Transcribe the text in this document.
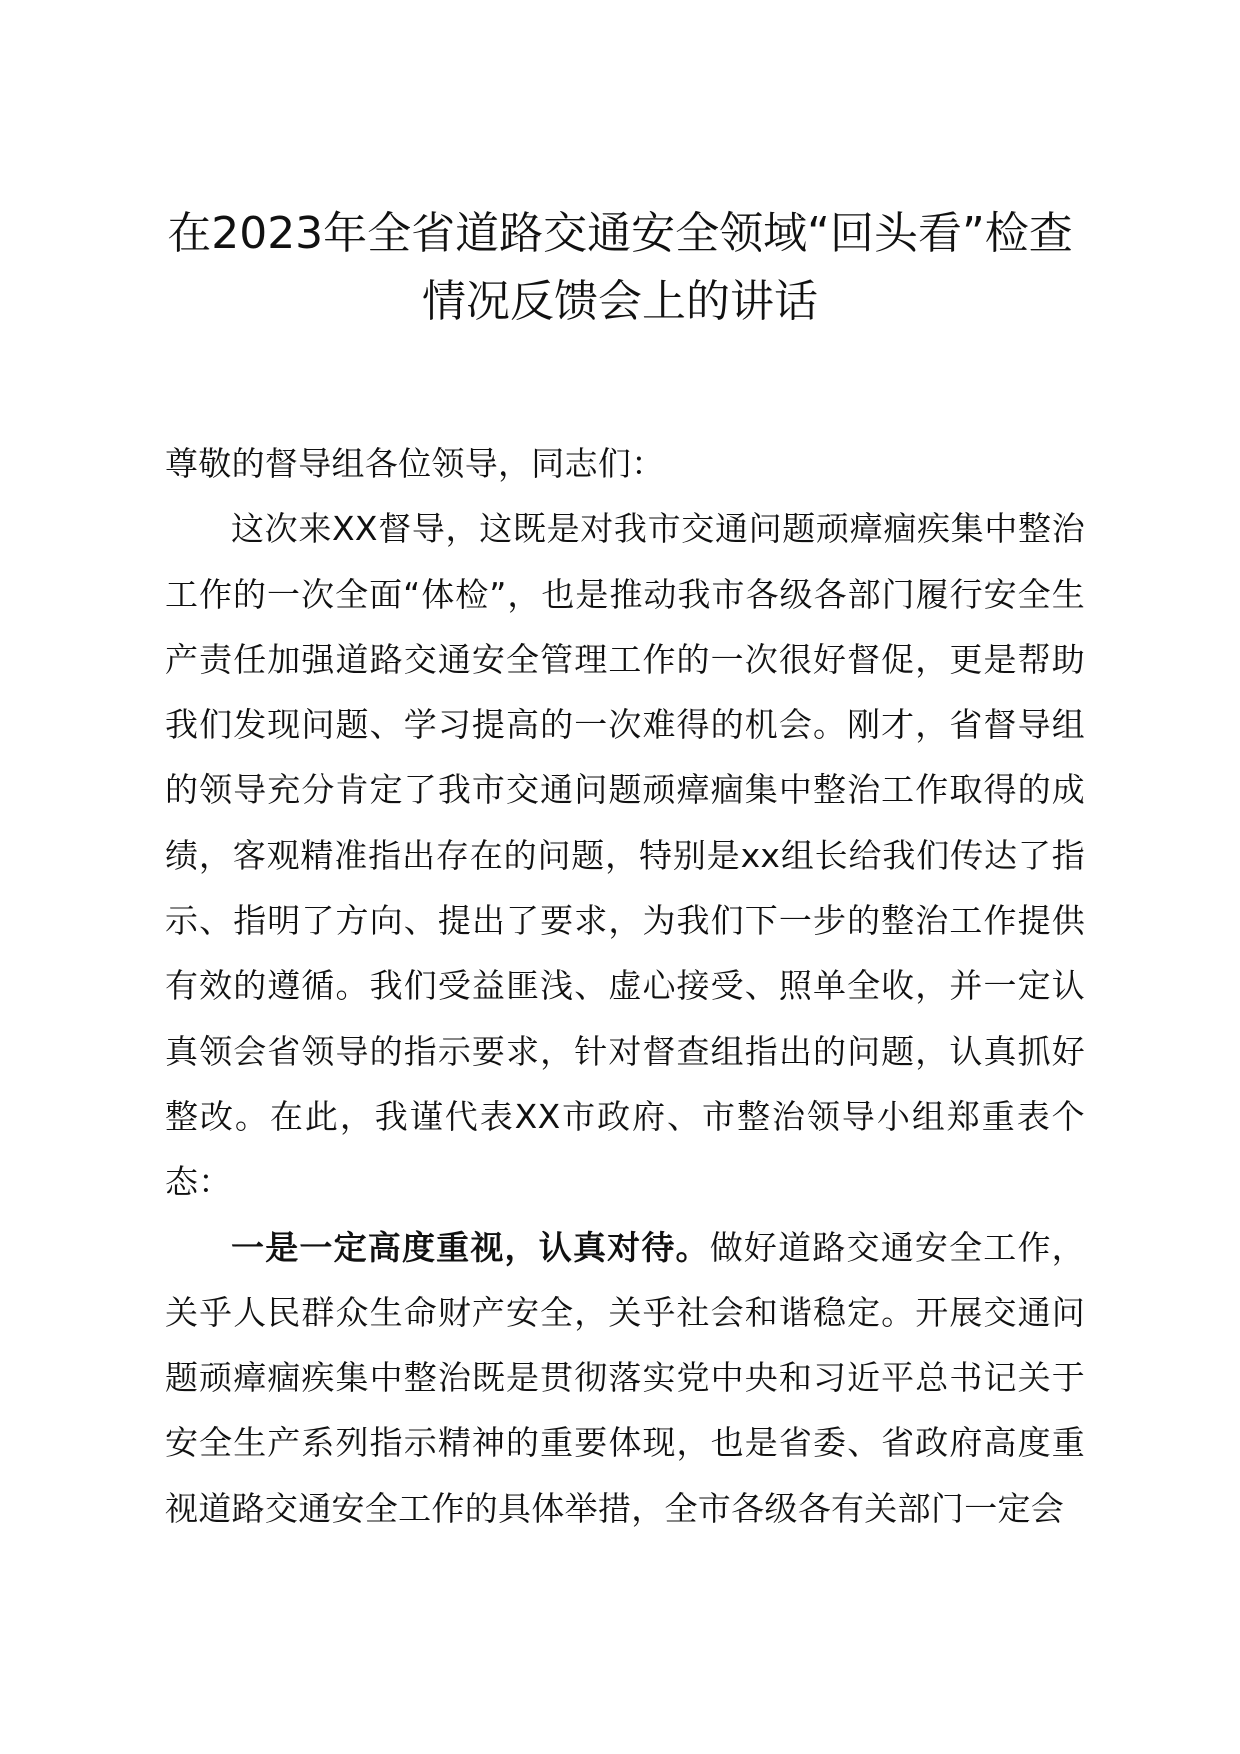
在2023年全省道路交通安全领域“回头看”检查情况反馈会上的讲话

尊敬的督导组各位领导，同志们：

这次来XX督导，这既是对我市交通问题顽瘴痼疾集中整治工作的一次全面“体检”，也是推动我市各级各部门履行安全生产责任加强道路交通安全管理工作的一次很好督促，更是帮助我们发现问题、学习提高的一次难得的机会。刚才，省督导组的领导充分肯定了我市交通问题顽瘴痼集中整治工作取得的成绩，客观精准指出存在的问题，特别是xx组长给我们传达了指示、指明了方向、提出了要求，为我们下一步的整治工作提供有效的遵循。我们受益匪浅、虚心接受、照单全收，并一定认真领会省领导的指示要求，针对督查组指出的问题，认真抓好整改。在此，我谨代表XX市政府、市整治领导小组郑重表个态：

一是一定高度重视，认真对待。做好道路交通安全工作，关乎人民群众生命财产安全，关乎社会和谐稳定。开展交通问题顽瘴痼疾集中整治既是贯彻落实党中央和习近平总书记关于安全生产系列指示精神的重要体现，也是省委、省政府高度重视道路交通安全工作的具体举措，全市各级各有关部门一定会
